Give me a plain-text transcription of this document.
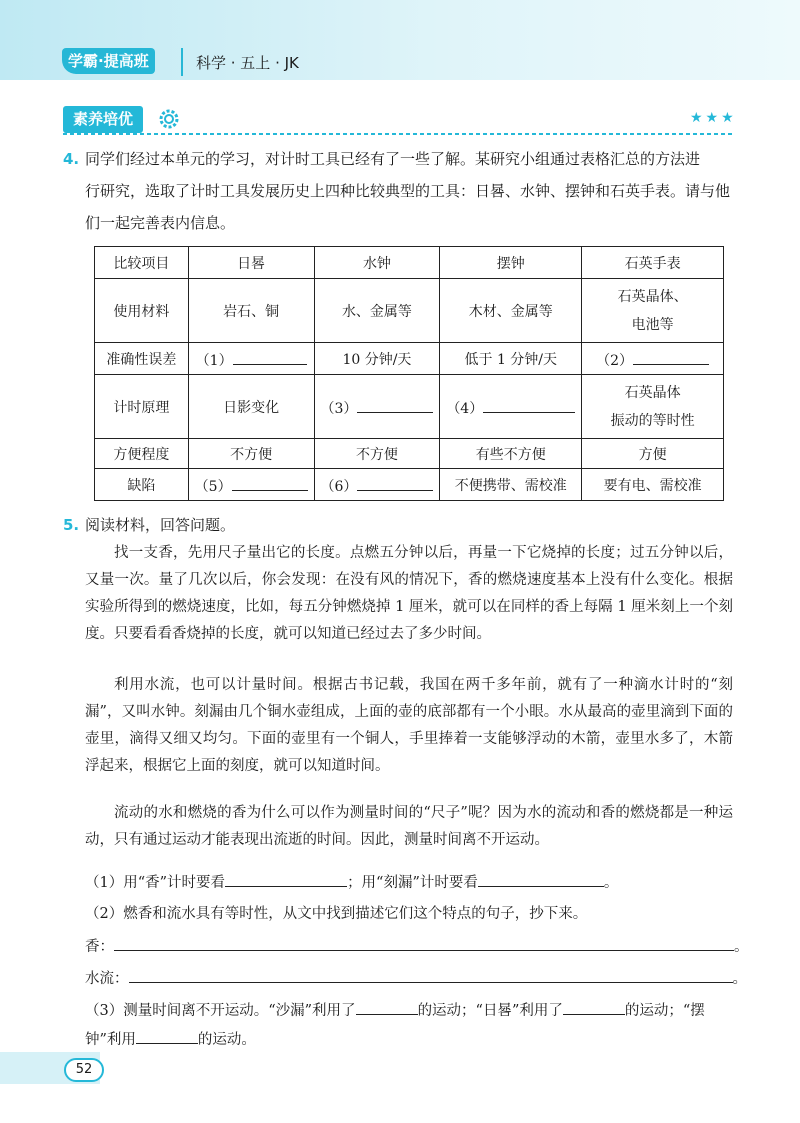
学霸·提高班	科学 · 五上 · JK
素养培优	★★★
4. 同学们经过本单元的学习，对计时工具已经有了一些了解。某研究小组通过表格汇总的方法进
行研究，选取了计时工具发展历史上四种比较典型的工具：日晷、水钟、摆钟和石英手表。请与他
们一起完善表内信息。
比较项目	日晷	水钟	摆钟	石英手表
使用材料	岩石、铜	水、金属等	木材、金属等	石英晶体、
电池等

准确性误差	（1）	10 分钟/天	低于 1 分钟/天	（2）
计时原理	日影变化	（3）	（4）	石英晶体
振动的等时性

方便程度	不方便	不方便	有些不方便	方便
缺陷	（5）	（6）	不便携带、需校准	要有电、需校准
5. 阅读材料，回答问题。
找一支香，先用尺子量出它的长度。点燃五分钟以后，再量一下它烧掉的长度；过五分钟以后，又量一次。量了几次以后，你会发现：在没有风的情况下，香的燃烧速度基本上没有什么变化。根据实验所得到的燃烧速度，比如，每五分钟燃烧掉 1 厘米，就可以在同样的香上每隔 1 厘米刻上一个刻度。只要看看香烧掉的长度，就可以知道已经过去了多少时间。
利用水流，也可以计量时间。根据古书记载，我国在两千多年前，就有了一种滴水计时的“刻漏”，又叫水钟。刻漏由几个铜水壶组成，上面的壶的底部都有一个小眼。水从最高的壶里滴到下面的壶里，滴得又细又均匀。下面的壶里有一个铜人，手里捧着一支能够浮动的木箭，壶里水多了，木箭浮起来，根据它上面的刻度，就可以知道时间。
流动的水和燃烧的香为什么可以作为测量时间的“尺子”呢？因为水的流动和香的燃烧都是一种运动，只有通过运动才能表现出流逝的时间。因此，测量时间离不开运动。
（1）用“香”计时要看	；用“刻漏”计时要看	。
（2）燃香和流水具有等时性，从文中找到描述它们这个特点的句子，抄下来。
香：	。
水流：	。
（3）测量时间离不开运动。“沙漏”利用了	的运动；“日晷”利用了	的运动；“摆
钟”利用	的运动。
52
